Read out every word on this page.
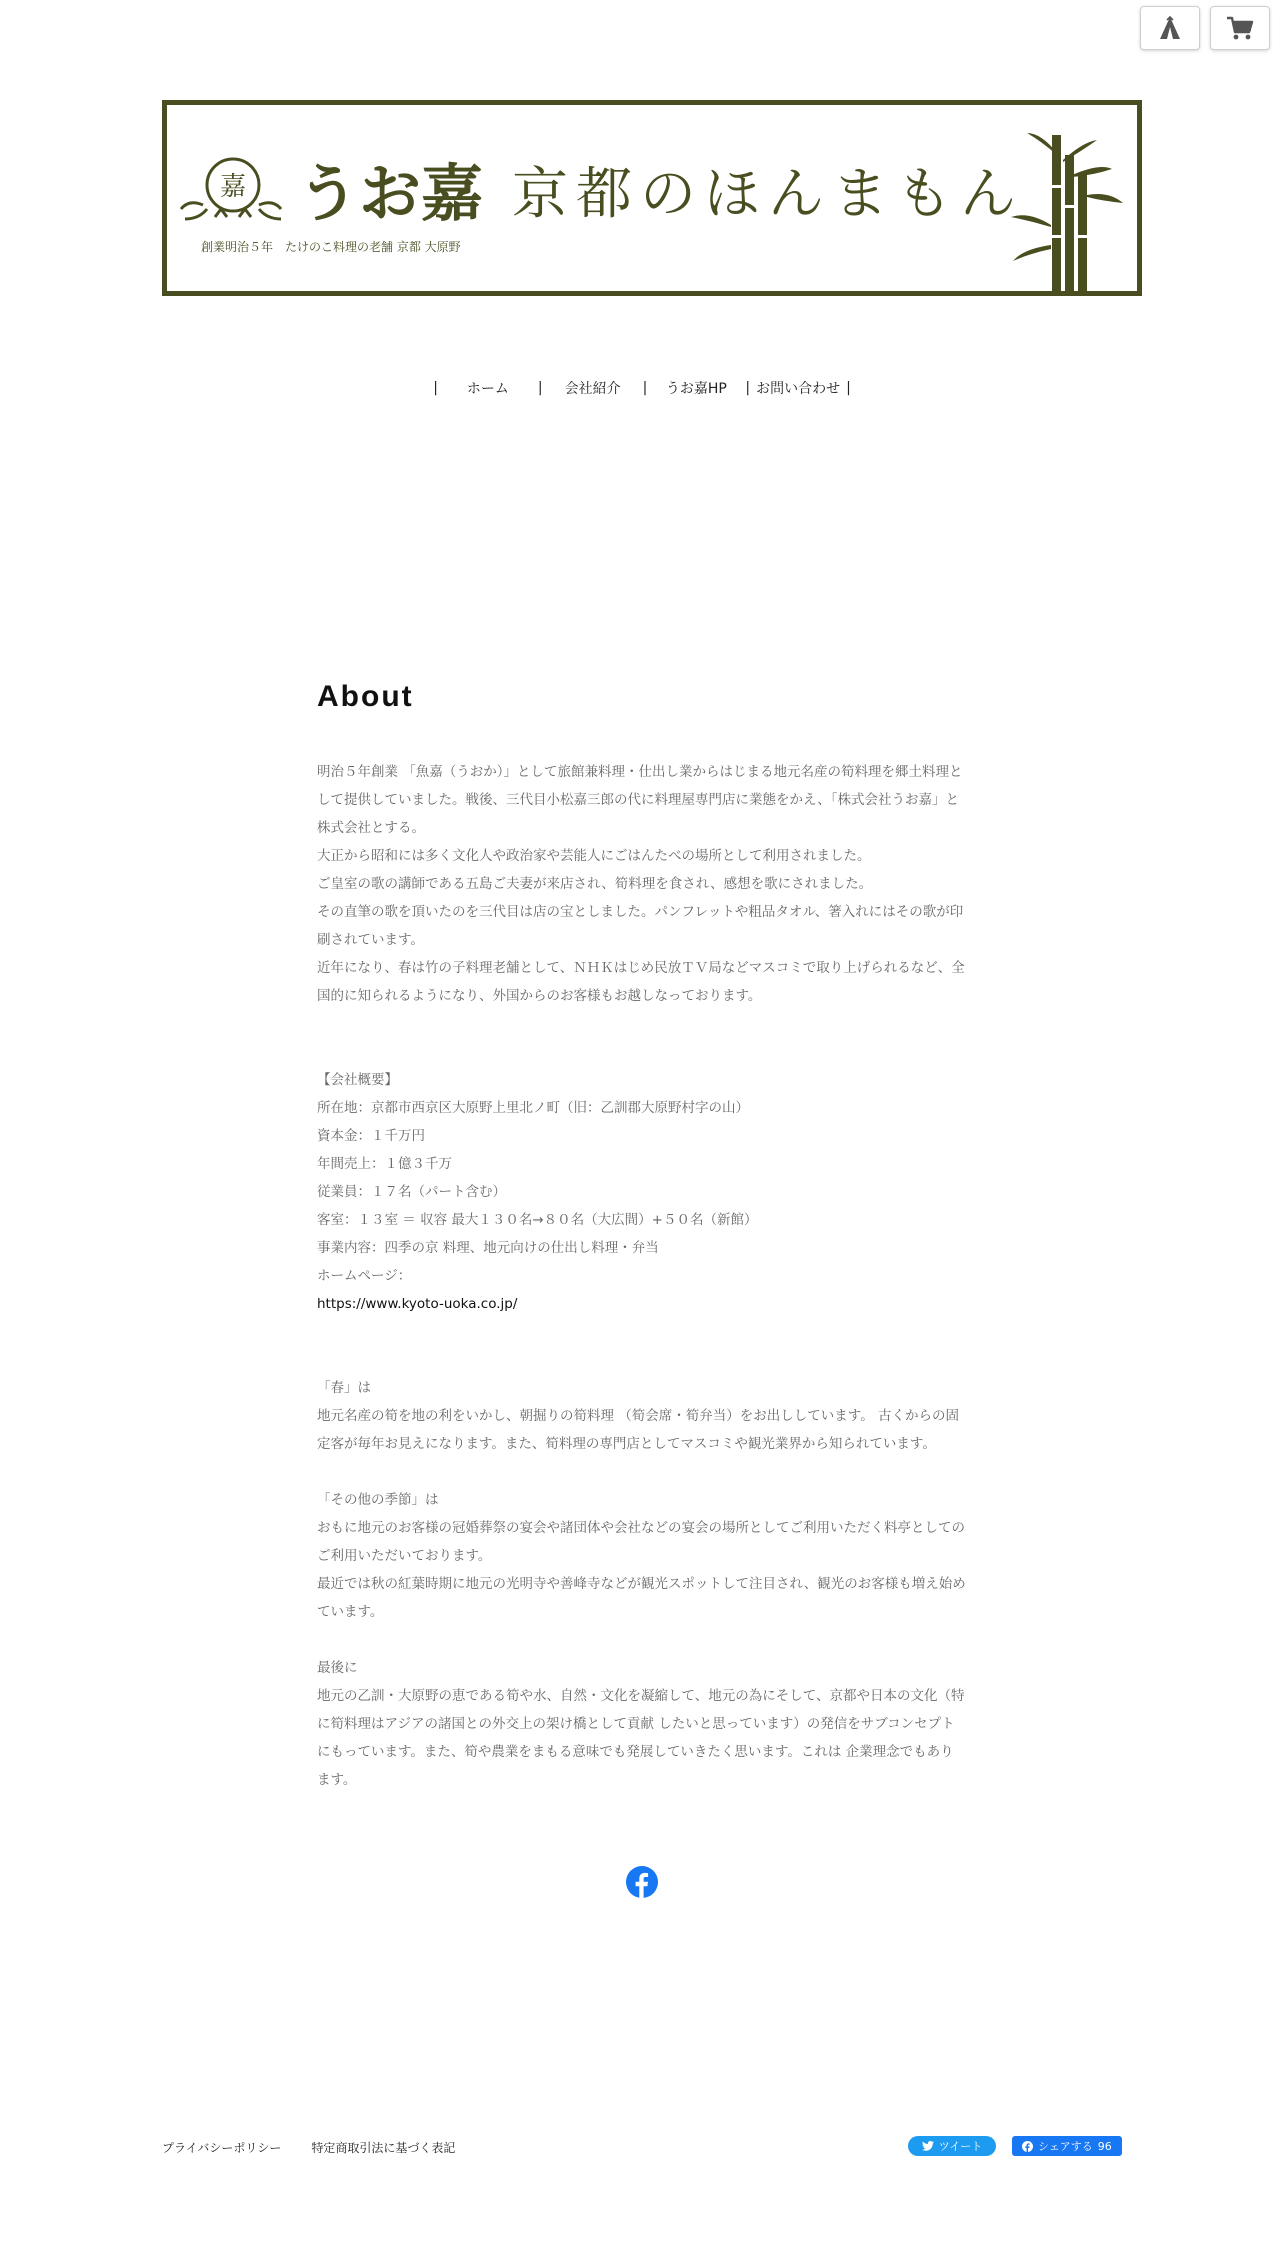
嘉 うお嘉 京都のほんまもん
創業明治５年　たけのこ料理の老舗 京都 大原野
|	ホーム	|	会社紹介	|	うお嘉HP	| お問い合わせ |
About

明治５年創業 「魚嘉（うおか）」として旅館兼料理・仕出し業からはじまる地元名産の筍料理を郷土料理として提供していました。戦後、三代目小松嘉三郎の代に料理屋専門店に業態をかえ、「株式会社うお嘉」と株式会社とする。

大正から昭和には多く文化人や政治家や芸能人にごはんたべの場所として利用されました。

ご皇室の歌の講師である五島ご夫妻が来店され、筍料理を食され、感想を歌にされました。

その直筆の歌を頂いたのを三代目は店の宝としました。パンフレットや粗品タオル、箸入れにはその歌が印刷されています。

近年になり、春は竹の子料理老舗として、ＮＨＫはじめ民放ＴＶ局などマスコミで取り上げられるなど、全国的に知られるようになり、外国からのお客様もお越しなっております。

【会社概要】

所在地：京都市西京区大原野上里北ノ町（旧：乙訓郡大原野村字の山）

資本金：１千万円

年間売上：１億３千万

従業員：１７名（パート含む）

客室：１３室 ＝ 収容 最大１３０名→８０名（大広間）+５０名（新館）

事業内容：四季の京 料理、地元向けの仕出し料理・弁当

ホームページ：

https://www.kyoto-uoka.co.jp/

「春」は

地元名産の筍を地の利をいかし、朝掘りの筍料理 （筍会席・筍弁当）をお出ししています。 古くからの固定客が毎年お見えになります。また、筍料理の専門店としてマスコミや観光業界から知られています。

「その他の季節」は

おもに地元のお客様の冠婚葬祭の宴会や諸団体や会社などの宴会の場所としてご利用いただく料亭としてのご利用いただいております。

最近では秋の紅葉時期に地元の光明寺や善峰寺などが観光スポットして注目され、観光のお客様も増え始めています。

最後に

地元の乙訓・大原野の恵である筍や水、自然・文化を凝縮して、地元の為にそして、京都や日本の文化（特に筍料理はアジアの諸国との外交上の架け橋として貢献 したいと思っています）の発信をサブコンセプトにもっています。また、筍や農業をまもる意味でも発展していきたく思います。これは 企業理念でもあります。

プライバシーポリシー	特定商取引法に基づく表記	ツイート	シェアする 96
